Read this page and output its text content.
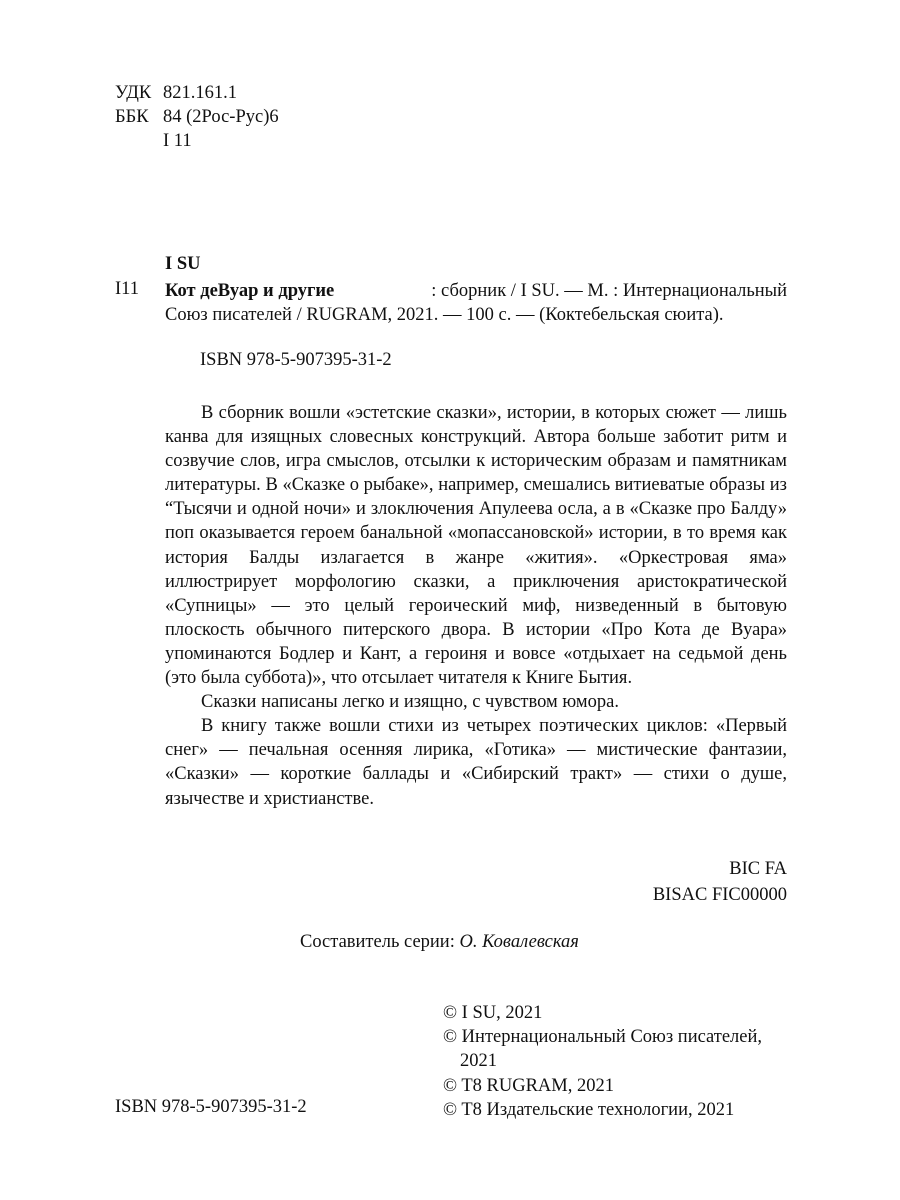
УДК 821.161.1
ББК 84 (2Рос-Рус)6
I 11
I SU
I11 Кот деВуар и другие	: сборник / I SU. — М. : Интернациональный
Союз писателей / RUGRAM, 2021. — 100 с. — (Коктебельская сюита).
ISBN 978-5-907395-31-2

В сборник вошли «эстетские сказки», истории, в которых сюжет — лишь канва для изящных словесных конструкций. Автора больше заботит ритм и созвучие слов, игра смыслов, отсылки к историческим образам и памятникам литературы. В «Сказке о рыбаке», например, смешались витиеватые образы из “Тысячи и одной ночи» и злоключения Апулеева осла, а в «Сказке про Балду» поп оказывается героем банальной «мопассановской» истории, в то время как история Балды излагается в жанре «жития». «Оркестровая яма» иллюстрирует морфологию сказки, а приключения аристократической «Супницы» — это целый героический миф, низведенный в бытовую плоскость обычного питерского двора. В истории «Про Кота де Вуара» упоминаются Бодлер и Кант, а героиня и вовсе «отдыхает на седьмой день (это была суббота)», что отсылает читателя к Книге Бытия.

Сказки написаны легко и изящно, с чувством юмора.

В книгу также вошли стихи из четырех поэтических циклов: «Первый снег» — печальная осенняя лирика, «Готика» — мистические фантазии, «Сказки» — короткие баллады и «Сибирский тракт» — стихи о душе, язычестве и христианстве.

BIC FA
BISAC FIC00000
Составитель серии: О. Ковалевская
© I SU, 2021
© Интернациональный Союз писателей,
2021
© T8 RUGRAM, 2021
© T8 Издательские технологии, 2021
ISBN 978-5-907395-31-2
